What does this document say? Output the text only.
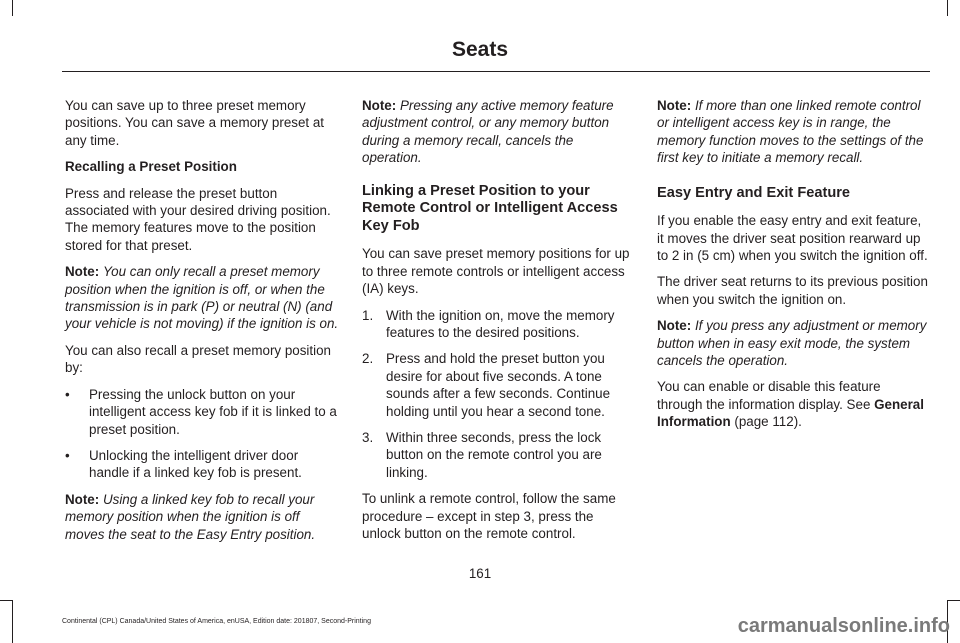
Seats

You can save up to three preset memory positions. You can save a memory preset at any time.

Recalling a Preset Position

Press and release the preset button associated with your desired driving position. The memory features move to the position stored for that preset.

Note: You can only recall a preset memory position when the ignition is off, or when the transmission is in park (P) or neutral (N) (and your vehicle is not moving) if the ignition is on.

You can also recall a preset memory position by:

•	Pressing the unlock button on your intelligent access key fob if it is linked to a preset position.
•	Unlocking the intelligent driver door handle if a linked key fob is present.

Note: Using a linked key fob to recall your memory position when the ignition is off moves the seat to the Easy Entry position.

Note: Pressing any active memory feature adjustment control, or any memory button during a memory recall, cancels the operation.

Linking a Preset Position to your Remote Control or Intelligent Access Key Fob

You can save preset memory positions for up to three remote controls or intelligent access (IA) keys.

1. With the ignition on, move the memory features to the desired positions.
2. Press and hold the preset button you desire for about five seconds. A tone sounds after a few seconds. Continue holding until you hear a second tone.
3. Within three seconds, press the lock button on the remote control you are linking.

To unlink a remote control, follow the same procedure – except in step 3, press the unlock button on the remote control.

Note: If more than one linked remote control or intelligent access key is in range, the memory function moves to the settings of the first key to initiate a memory recall.

Easy Entry and Exit Feature

If you enable the easy entry and exit feature, it moves the driver seat position rearward up to 2 in (5 cm) when you switch the ignition off.

The driver seat returns to its previous position when you switch the ignition on.

Note: If you press any adjustment or memory button when in easy exit mode, the system cancels the operation.

You can enable or disable this feature through the information display. See General Information (page 112).

161
Continental (CPL) Canada/United States of America, enUSA, Edition date: 201807, Second-Printing	carmanualsonline.info
